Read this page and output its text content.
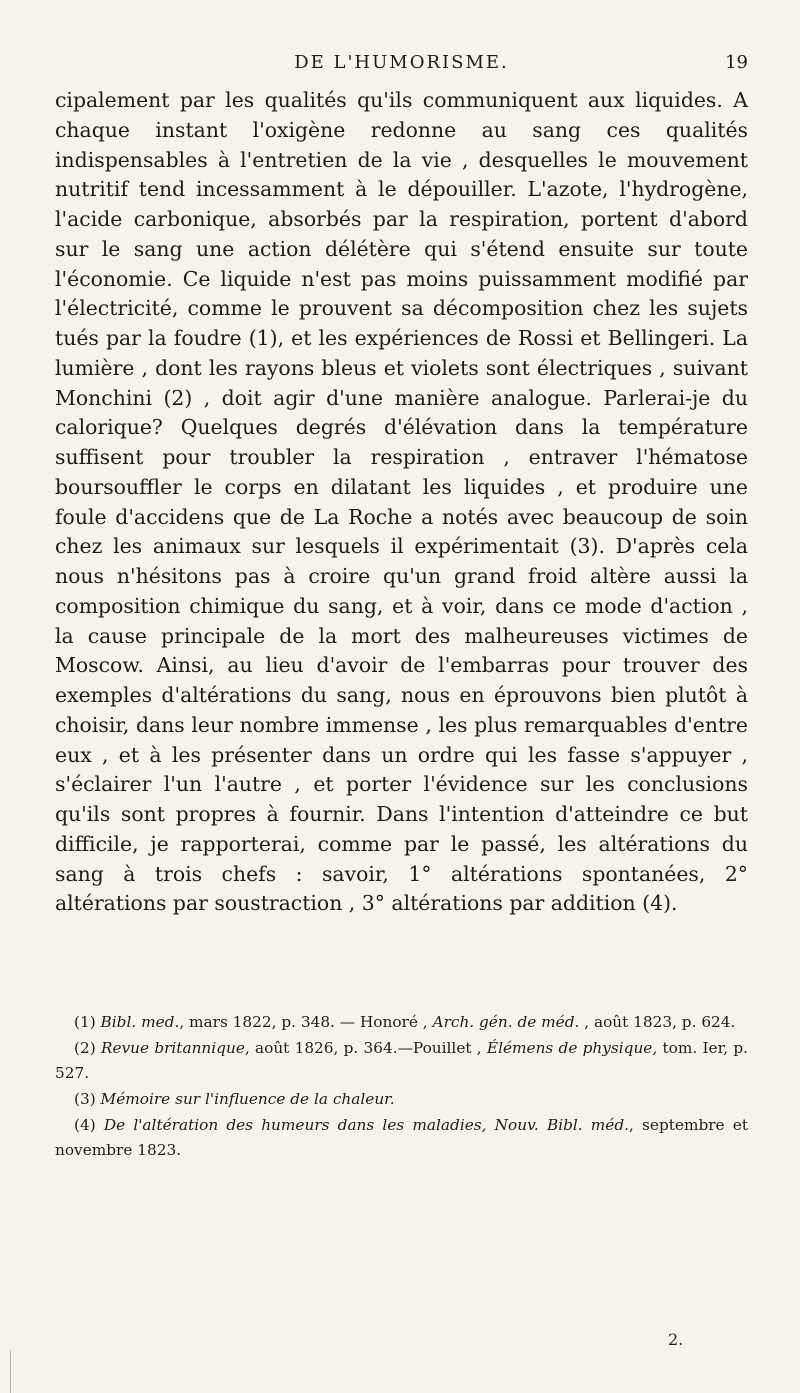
DE L'HUMORISME.	19

cipalement par les qualités qu'ils communiquent aux liquides. A chaque instant l'oxigène redonne au sang ces qualités indispensables à l'entretien de la vie , desquelles le mouvement nutritif tend incessamment à le dépouiller. L'azote, l'hydrogène, l'acide carbonique, absorbés par la respiration, portent d'abord sur le sang une action délétère qui s'étend ensuite sur toute l'économie. Ce liquide n'est pas moins puissamment modifié par l'électricité, comme le prouvent sa décomposition chez les sujets tués par la foudre (1), et les expériences de Rossi et Bellingeri. La lumière , dont les rayons bleus et violets sont électriques , suivant Monchini (2) , doit agir d'une manière analogue. Parlerai-je du calorique? Quelques degrés d'élévation dans la température suffisent pour troubler la respiration , entraver l'hématose boursouffler le corps en dilatant les liquides , et produire une foule d'accidens que de La Roche a notés avec beaucoup de soin chez les animaux sur lesquels il expérimentait (3). D'après cela nous n'hésitons pas à croire qu'un grand froid altère aussi la composition chimique du sang, et à voir, dans ce mode d'action , la cause principale de la mort des malheureuses victimes de Moscow. Ainsi, au lieu d'avoir de l'embarras pour trouver des exemples d'altérations du sang, nous en éprouvons bien plutôt à choisir, dans leur nombre immense , les plus remarquables d'entre eux , et à les présenter dans un ordre qui les fasse s'appuyer , s'éclairer l'un l'autre , et porter l'évidence sur les conclusions qu'ils sont propres à fournir. Dans l'intention d'atteindre ce but difficile, je rapporterai, comme par le passé, les altérations du sang à trois chefs : savoir, 1° altérations spontanées, 2° altérations par soustraction , 3° altérations par addition (4).

(1) Bibl. med., mars 1822, p. 348. — Honoré , Arch. gén. de méd. , août 1823, p. 624.
(2) Revue britannique, août 1826, p. 364.—Pouillet , Élémens de physique, tom. Ier, p. 527.
(3) Mémoire sur l'influence de la chaleur.
(4) De l'altération des humeurs dans les maladies, Nouv. Bibl. méd., septembre et novembre 1823.
2.
